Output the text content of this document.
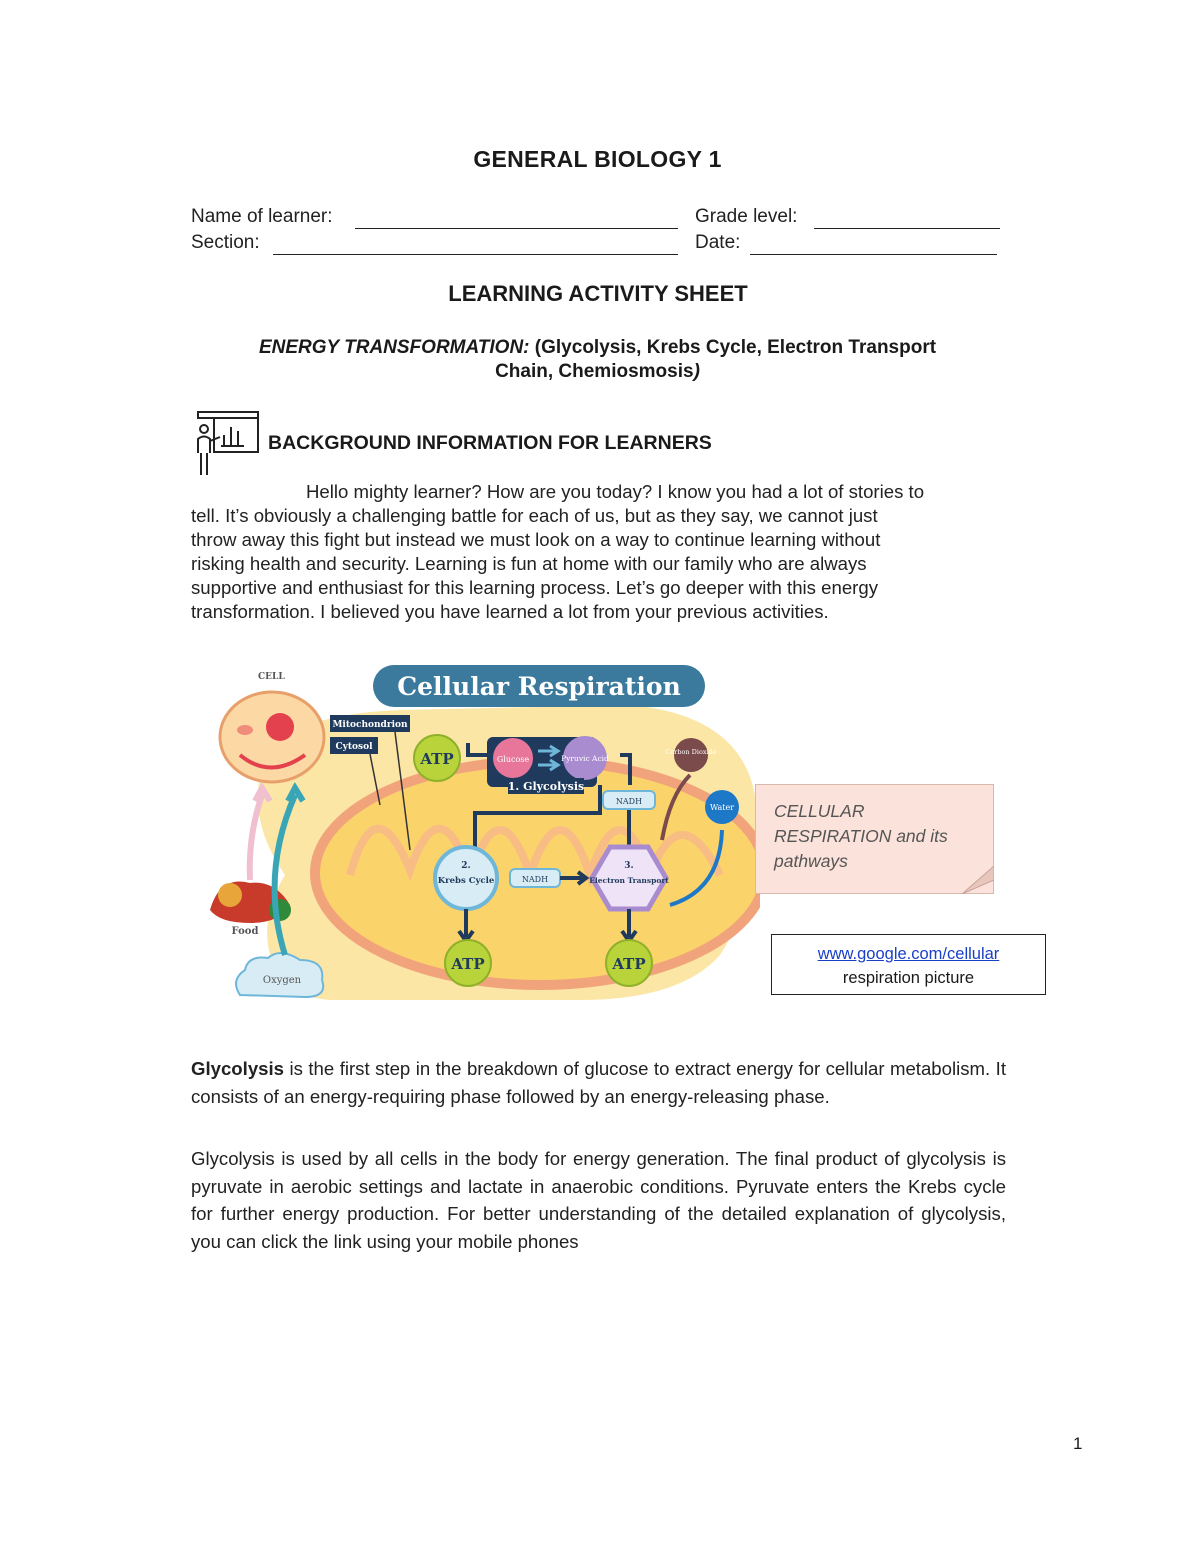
GENERAL BIOLOGY 1
Name of learner:	Grade level:
Section:	Date:
LEARNING ACTIVITY SHEET
ENERGY TRANSFORMATION: (Glycolysis, Krebs Cycle, Electron Transport
Chain, Chemiosmosis)
BACKGROUND INFORMATION FOR LEARNERS
Hello mighty learner? How are you today? I know you had a lot of stories to
tell. It’s obviously a challenging battle for each of us, but as they say, we cannot just
throw away this fight but instead we must look on a way to continue learning without
risking health and security. Learning is fun at home with our family who are always
supportive and enthusiast for this learning process. Let’s go deeper with this energy
transformation. I believed you have learned a lot from your previous activities.
CELL	Cellular Respiration
Mitochondrion
Cytosol
ATP	Glucose	Pyruvic Acid
1. Glycolysis
Carbon Dioxide
Water
NADH
2.
Krebs Cycle	NADH
3.
Electron Transport
ATP	ATP
Food
Oxygen
CELLULAR RESPIRATION and its pathways
www.google.com/cellular
respiration picture
Glycolysis is the first step in the breakdown of glucose to extract energy for cellular metabolism. It consists of an energy-requiring phase followed by an energy-releasing phase.
Glycolysis is used by all cells in the body for energy generation. The final product of glycolysis is pyruvate in aerobic settings and lactate in anaerobic conditions. Pyruvate enters the Krebs cycle for further energy production. For better understanding of the detailed explanation of glycolysis, you can click the link using your mobile phones
1
